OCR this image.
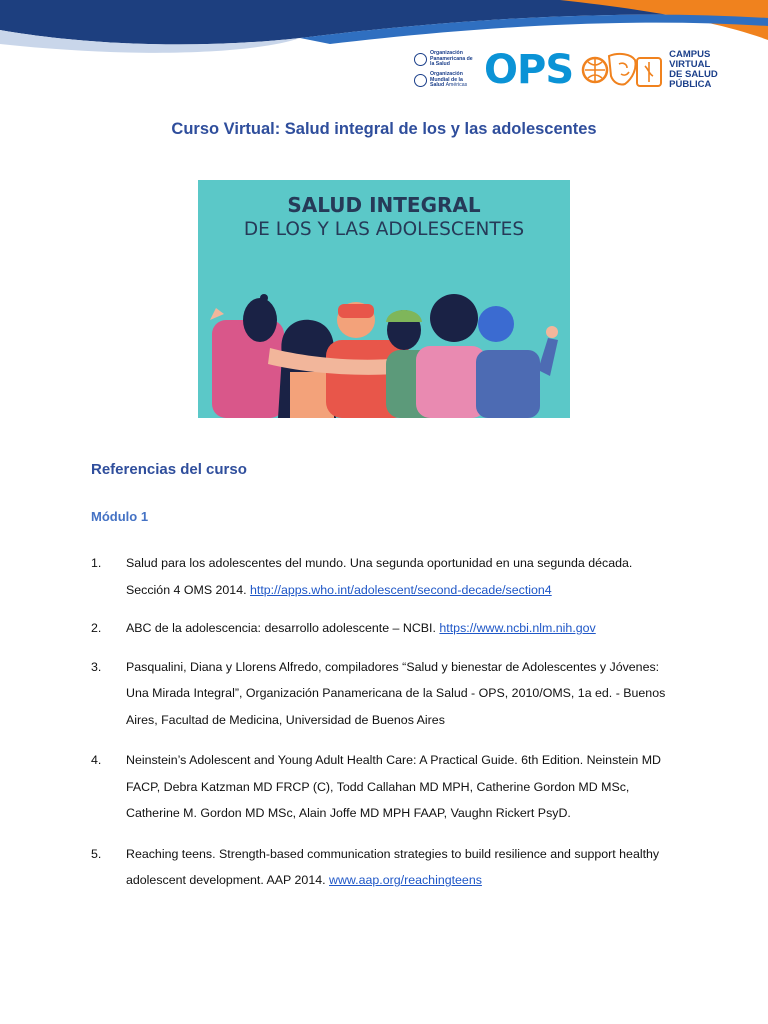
Organización Panamericana de la Salud
Organización Mundial de la Salud Américas OPS	CAMPUS
VIRTUAL
DE SALUD
PÚBLICA
Curso Virtual: Salud integral de los y las adolescentes
SALUD INTEGRAL
DE LOS Y LAS ADOLESCENTES
Referencias del curso
Módulo 1
1.	Salud para los adolescentes del mundo. Una segunda oportunidad en una segunda década.
Sección 4 OMS 2014. http://apps.who.int/adolescent/second-decade/section4
2.	ABC de la adolescencia: desarrollo adolescente – NCBI. https://www.ncbi.nlm.nih.gov
3.	Pasqualini, Diana y Llorens Alfredo, compiladores “Salud y bienestar de Adolescentes y Jóvenes:
Una Mirada Integral”, Organización Panamericana de la Salud - OPS, 2010/OMS, 1a ed. - Buenos
Aires, Facultad de Medicina, Universidad de Buenos Aires
4.	Neinstein’s Adolescent and Young Adult Health Care: A Practical Guide. 6th Edition. Neinstein MD
FACP, Debra Katzman MD FRCP (C), Todd Callahan MD MPH, Catherine Gordon MD MSc,
Catherine M. Gordon MD MSc, Alain Joffe MD MPH FAAP, Vaughn Rickert PsyD.
5.	Reaching teens. Strength-based communication strategies to build resilience and support healthy
adolescent development. AAP 2014. www.aap.org/reachingteens
